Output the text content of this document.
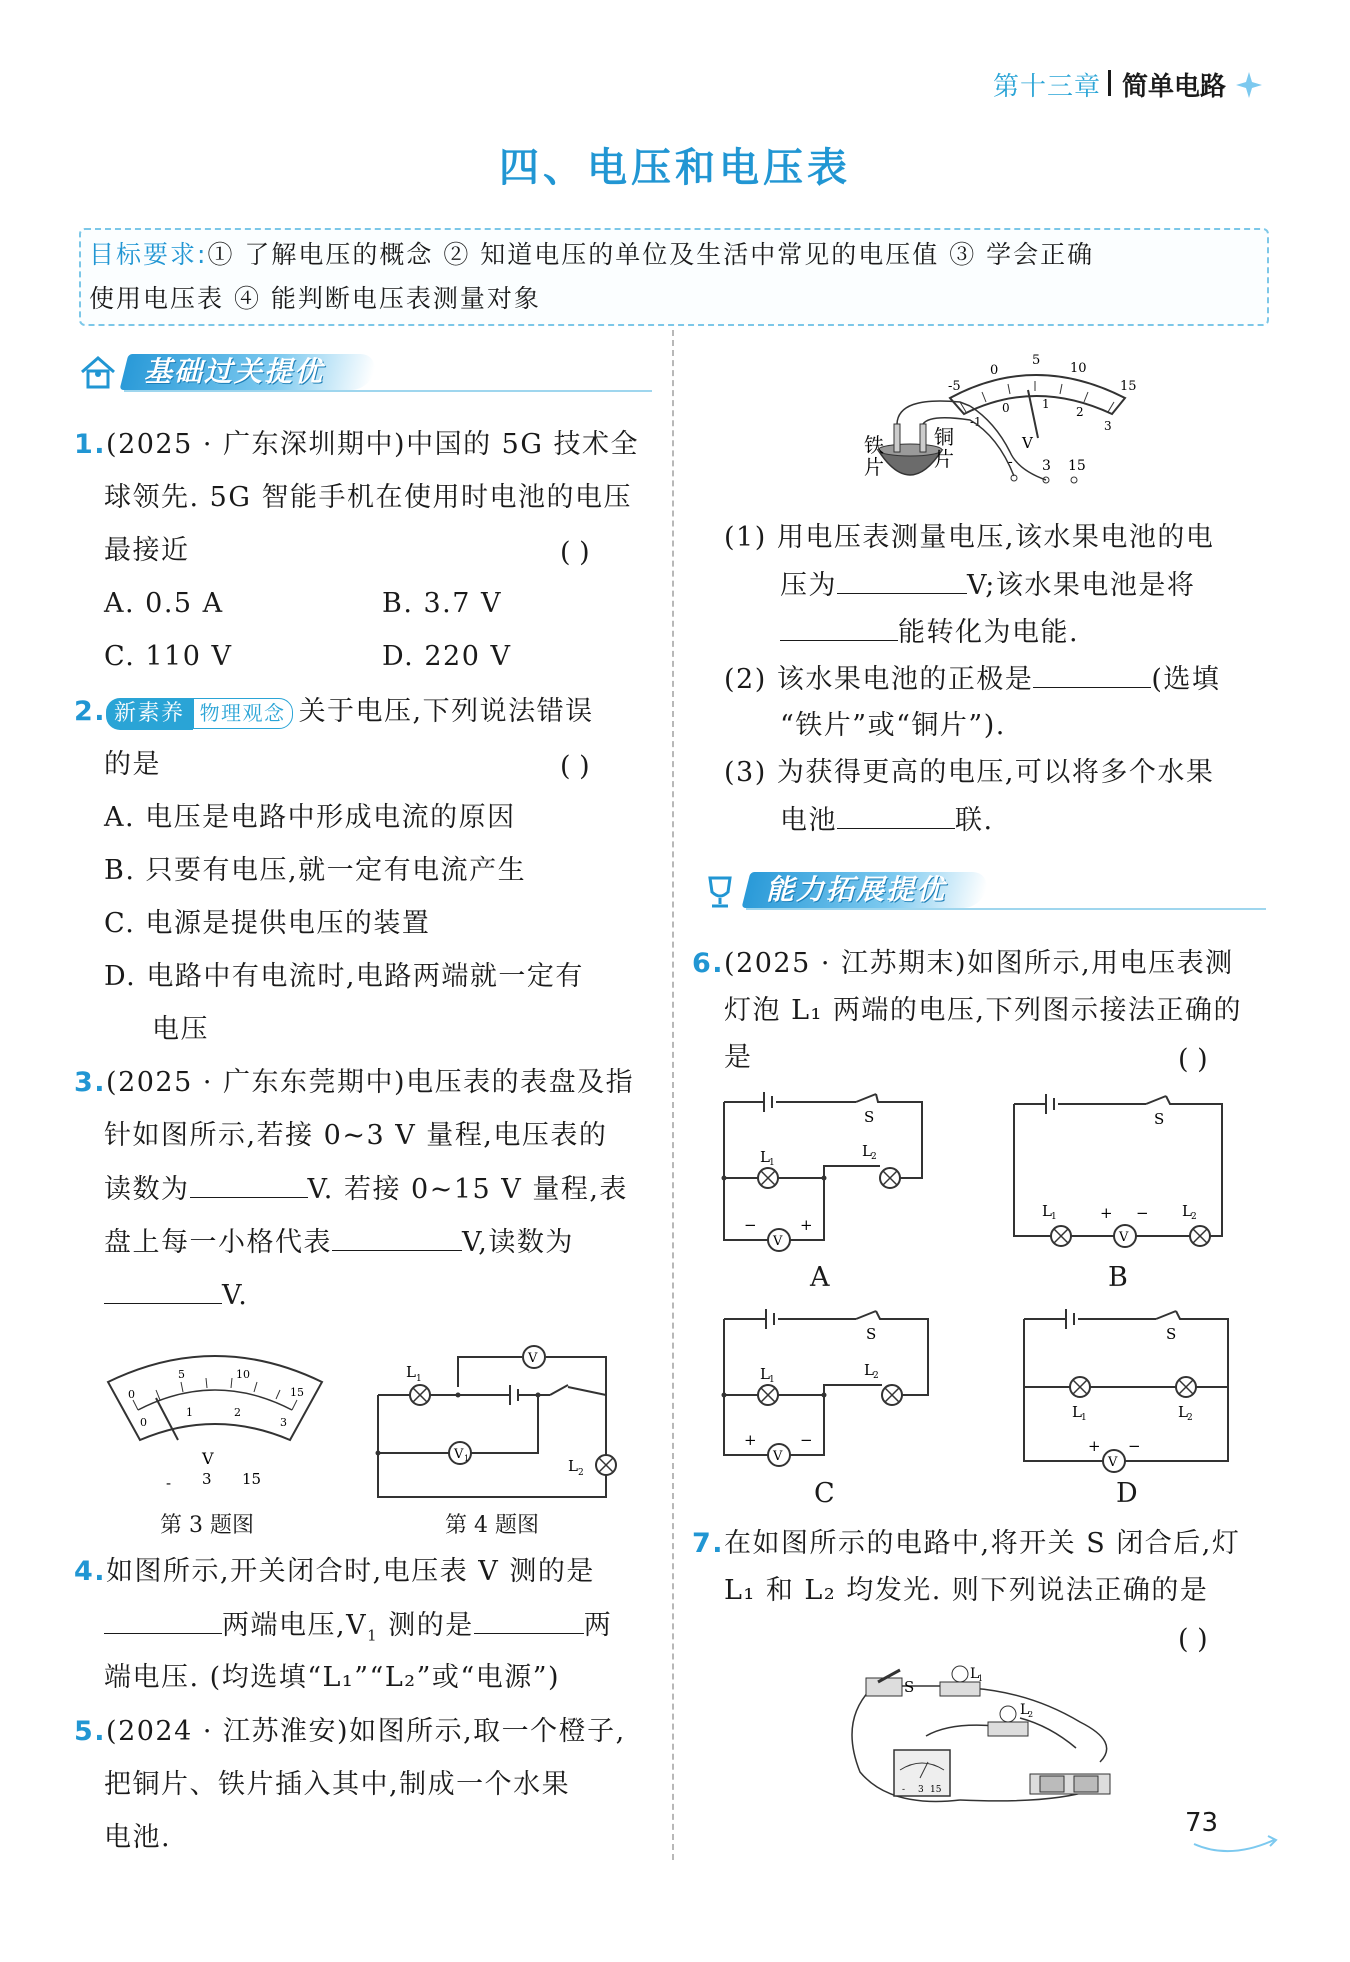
第十三章 简单电路
四、电压和电压表
目标要求:① 了解电压的概念 ② 知道电压的单位及生活中常见的电压值 ③ 学会正确
使用电压表 ④ 能判断电压表测量对象
基础过关提优
1.(2025 · 广东深圳期中)中国的 5G 技术全
球领先. 5G 智能手机在使用时电池的电压
最接近	( )
A. 0.5 A	B. 3.7 V
C. 110 V	D. 220 V
2. 新素养 物理观念 关于电压,下列说法错误
的是	( )
A. 电压是电路中形成电流的原因
B. 只要有电压,就一定有电流产生
C. 电源是提供电压的装置
D. 电路中有电流时,电路两端就一定有
电压
3.(2025 · 广东东莞期中)电压表的表盘及指
针如图所示,若接 0~3 V 量程,电压表的
读数为	V. 若接 0~15 V 量程,表
盘上每一小格代表	V,读数为
V.
0
5	10
15
0
1	2
3
V
- 3 15
第 3 题图
V
V 1
L 1
L 2
第 4 题图
4.如图所示,开关闭合时,电压表 V 测的是
两端电压$,V_1$ 测的是	两
端电压. (均选填“L₁”“L₂”或“电源”)
5.(2024 · 江苏淮安)如图所示,取一个橙子,
把铜片、铁片插入其中,制成一个水果
电池.
-5
0
5
10
15
-1
0	1
2
3
V
- 3 15
铁
片
铜
片
(1) 用电压表测量电压,该水果电池的电
压为	V;该水果电池是将
能转化为电能.
(2) 该水果电池的正极是	(选填
“铁片”或“铜片”).
(3) 为获得更高的电压,可以将多个水果
电池	联.
能力拓展提优
6.(2025 · 江苏期末)如图所示,用电压表测
灯泡 L₁ 两端的电压,下列图示接法正确的
是	( )
V
S
L 1
L 2
−	+
A
V
S
L 1	L 2
+ −
B
V
S
L 1
L 2
+	−
C
V
S
L 1	L 2
+ −
D
7.在如图所示的电路中,将开关 S 闭合后,灯
L₁ 和 L₂ 均发光. 则下列说法正确的是
( )
S
L
1
L
2
- 3 15
73
